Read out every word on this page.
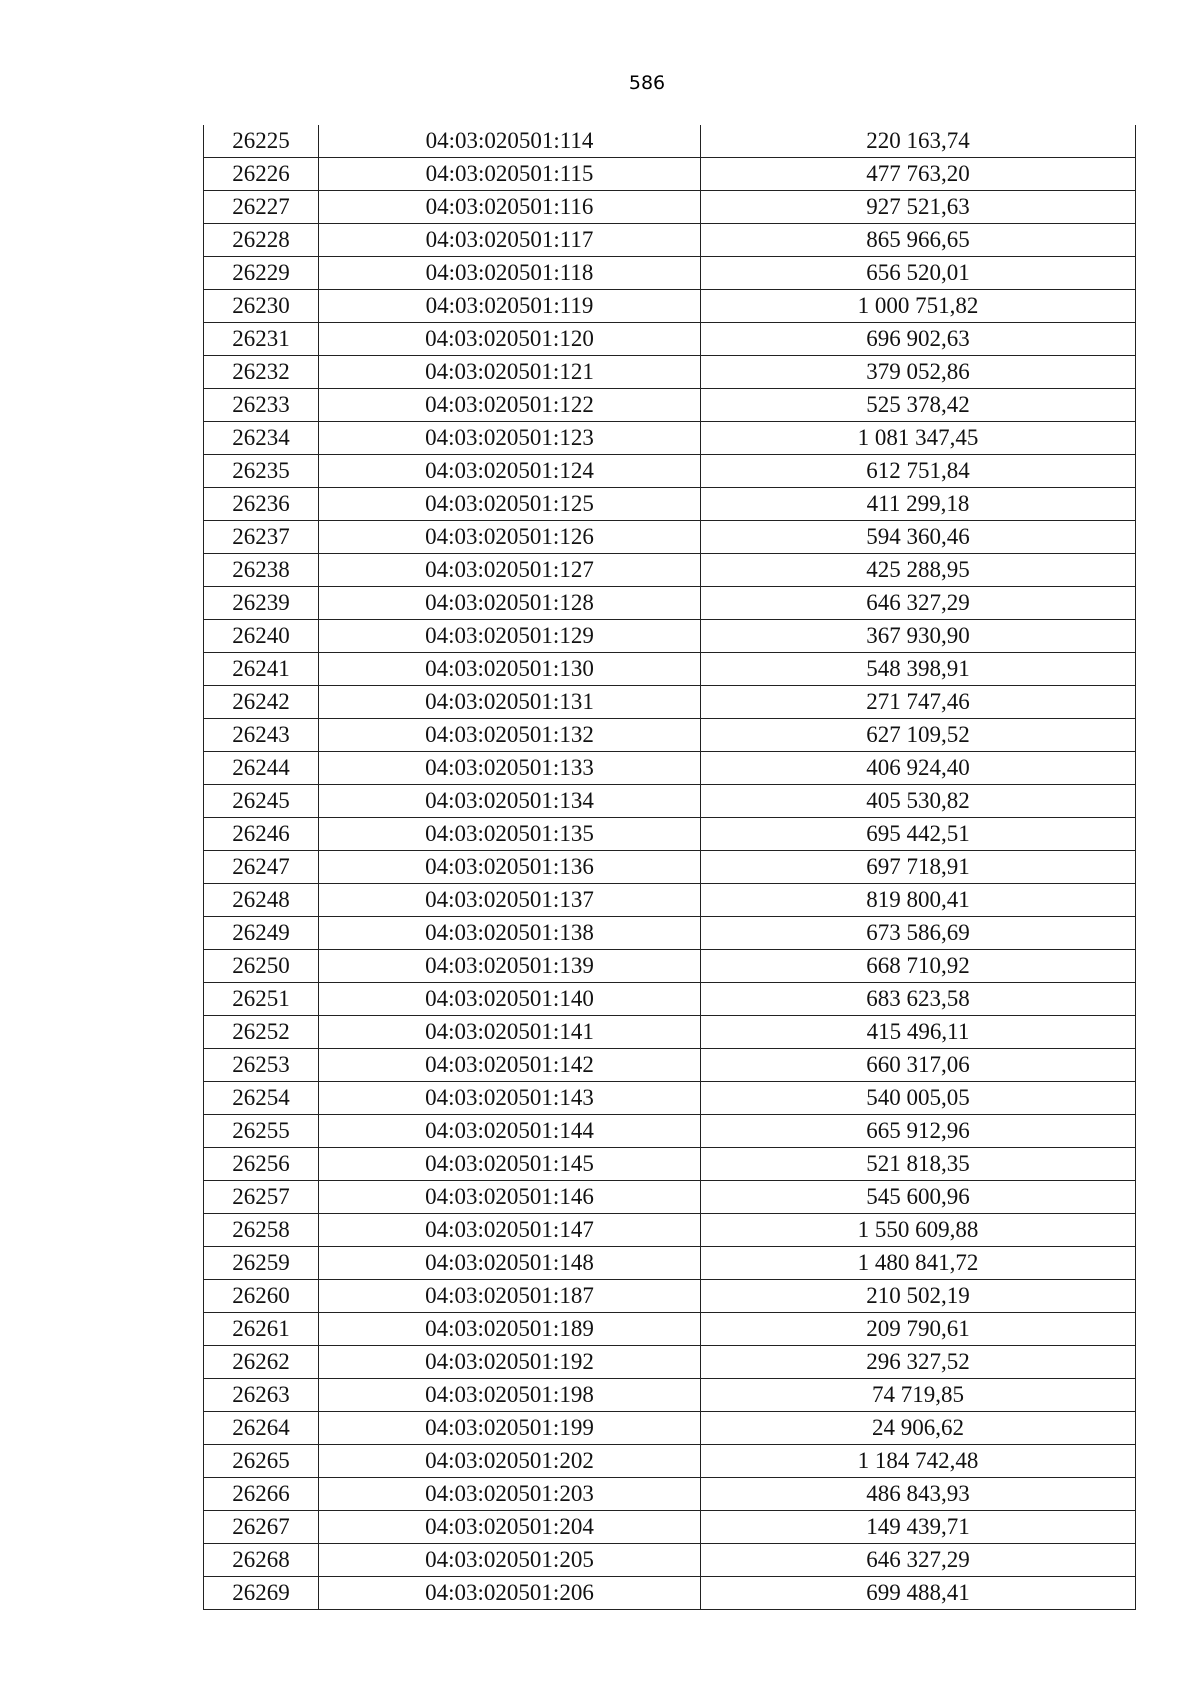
586
26225	04:03:020501:114	220 163,74
26226	04:03:020501:115	477 763,20
26227	04:03:020501:116	927 521,63
26228	04:03:020501:117	865 966,65
26229	04:03:020501:118	656 520,01
26230	04:03:020501:119	1 000 751,82
26231	04:03:020501:120	696 902,63
26232	04:03:020501:121	379 052,86
26233	04:03:020501:122	525 378,42
26234	04:03:020501:123	1 081 347,45
26235	04:03:020501:124	612 751,84
26236	04:03:020501:125	411 299,18
26237	04:03:020501:126	594 360,46
26238	04:03:020501:127	425 288,95
26239	04:03:020501:128	646 327,29
26240	04:03:020501:129	367 930,90
26241	04:03:020501:130	548 398,91
26242	04:03:020501:131	271 747,46
26243	04:03:020501:132	627 109,52
26244	04:03:020501:133	406 924,40
26245	04:03:020501:134	405 530,82
26246	04:03:020501:135	695 442,51
26247	04:03:020501:136	697 718,91
26248	04:03:020501:137	819 800,41
26249	04:03:020501:138	673 586,69
26250	04:03:020501:139	668 710,92
26251	04:03:020501:140	683 623,58
26252	04:03:020501:141	415 496,11
26253	04:03:020501:142	660 317,06
26254	04:03:020501:143	540 005,05
26255	04:03:020501:144	665 912,96
26256	04:03:020501:145	521 818,35
26257	04:03:020501:146	545 600,96
26258	04:03:020501:147	1 550 609,88
26259	04:03:020501:148	1 480 841,72
26260	04:03:020501:187	210 502,19
26261	04:03:020501:189	209 790,61
26262	04:03:020501:192	296 327,52
26263	04:03:020501:198	74 719,85
26264	04:03:020501:199	24 906,62
26265	04:03:020501:202	1 184 742,48
26266	04:03:020501:203	486 843,93
26267	04:03:020501:204	149 439,71
26268	04:03:020501:205	646 327,29
26269	04:03:020501:206	699 488,41
